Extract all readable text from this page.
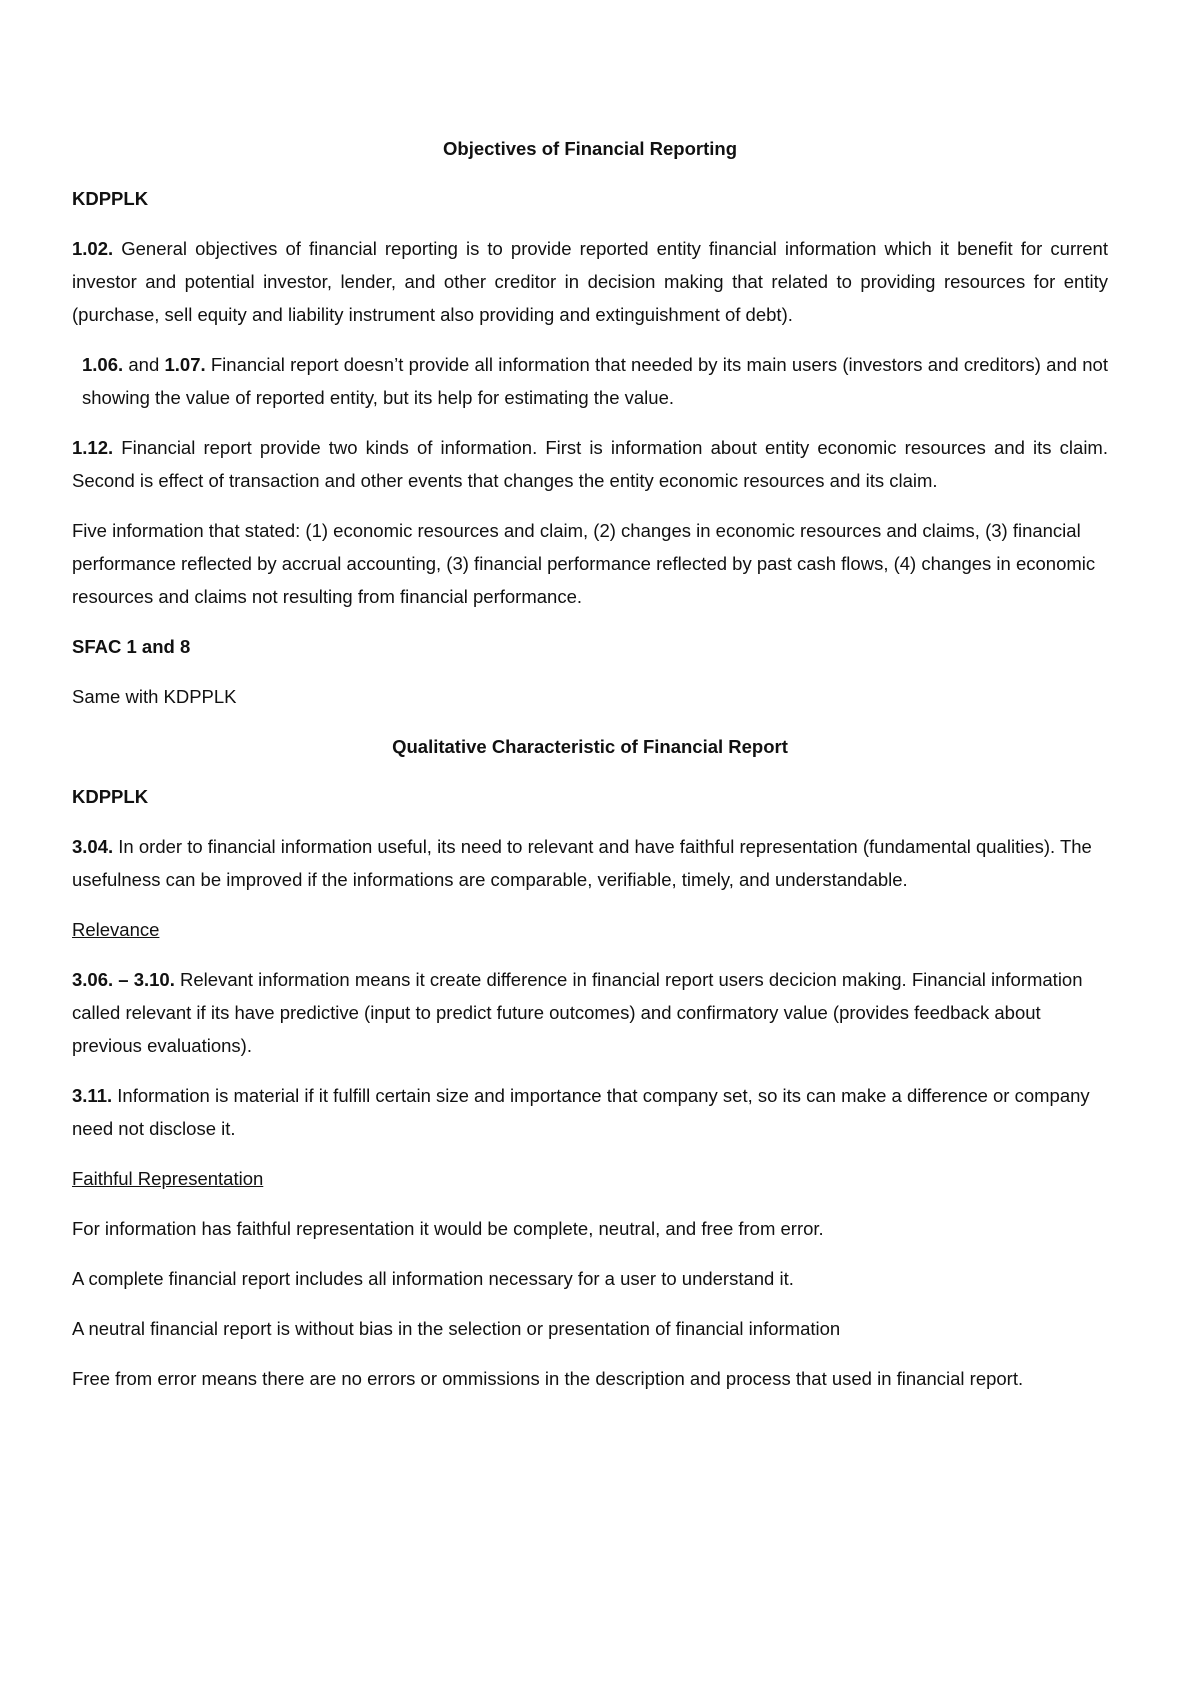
Objectives of Financial Reporting
KDPPLK

1.02. General objectives of financial reporting is to provide reported entity financial information which it benefit for current investor and potential investor, lender, and other creditor in decision making that related to providing resources for entity (purchase, sell equity and liability instrument also providing and extinguishment of debt).

1.06. and 1.07. Financial report doesn’t provide all information that needed by its main users (investors and creditors) and not showing the value of reported entity, but its help for estimating the value.

1.12. Financial report provide two kinds of information. First is information about entity economic resources and its claim. Second is effect of transaction and other events that changes the entity economic resources and its claim.

Five information that stated: (1) economic resources and claim, (2) changes in economic resources and claims, (3) financial performance reflected by accrual accounting, (3) financial performance reflected by past cash flows, (4) changes in economic resources and claims not resulting from financial performance.

SFAC 1 and 8

Same with KDPPLK

Qualitative Characteristic of Financial Report
KDPPLK

3.04. In order to financial information useful, its need to relevant and have faithful representation (fundamental qualities). The usefulness can be improved if the informations are comparable, verifiable, timely, and understandable.

Relevance

3.06. – 3.10. Relevant information means it create difference in financial report users decicion making. Financial information called relevant if its have predictive (input to predict future outcomes) and confirmatory value (provides feedback about previous evaluations).

3.11. Information is material if it fulfill certain size and importance that company set, so its can make a difference or company need not disclose it.

Faithful Representation

For information has faithful representation it would be complete, neutral, and free from error.

A complete financial report includes all information necessary for a user to understand it.

A neutral financial report is without bias in the selection or presentation of financial information

Free from error means there are no errors or ommissions in the description and process that used in financial report.
